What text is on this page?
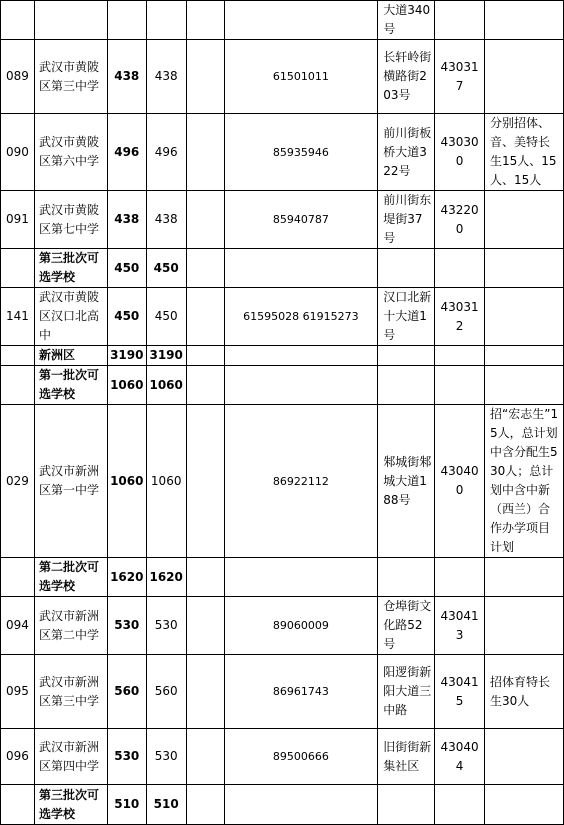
						大道340号		
089	武汉市黄陂区第三中学	438	438		61501011	长轩岭街横路街203号	430317	
090	武汉市黄陂区第六中学	496	496		85935946	前川街板桥大道322号	430300	分别招体、音、美特长生15人、15人、15人
091	武汉市黄陂区第七中学	438	438		85940787	前川街东堤街37号	432200	
	第三批次可选学校	450	450					
141	武汉市黄陂区汉口北高中	450	450		61595028 61915273	汉口北新十大道1号	430312	
	新洲区	3190	3190					
	第一批次可选学校	1060	1060					
029	武汉市新洲区第一中学	1060	1060		86922112	邾城街邾城大道188号	430400	招“宏志生”15人，总计划中含分配生530人；总计划中含中新（西兰）合作办学项目计划
	第二批次可选学校	1620	1620					
094	武汉市新洲区第二中学	530	530		89060009	仓埠街文化路52号	430413	
095	武汉市新洲区第三中学	560	560		86961743	阳逻街新阳大道三中路	430415	招体育特长生30人
096	武汉市新洲区第四中学	530	530		89500666	旧街街新集社区	430404	
	第三批次可选学校	510	510					
